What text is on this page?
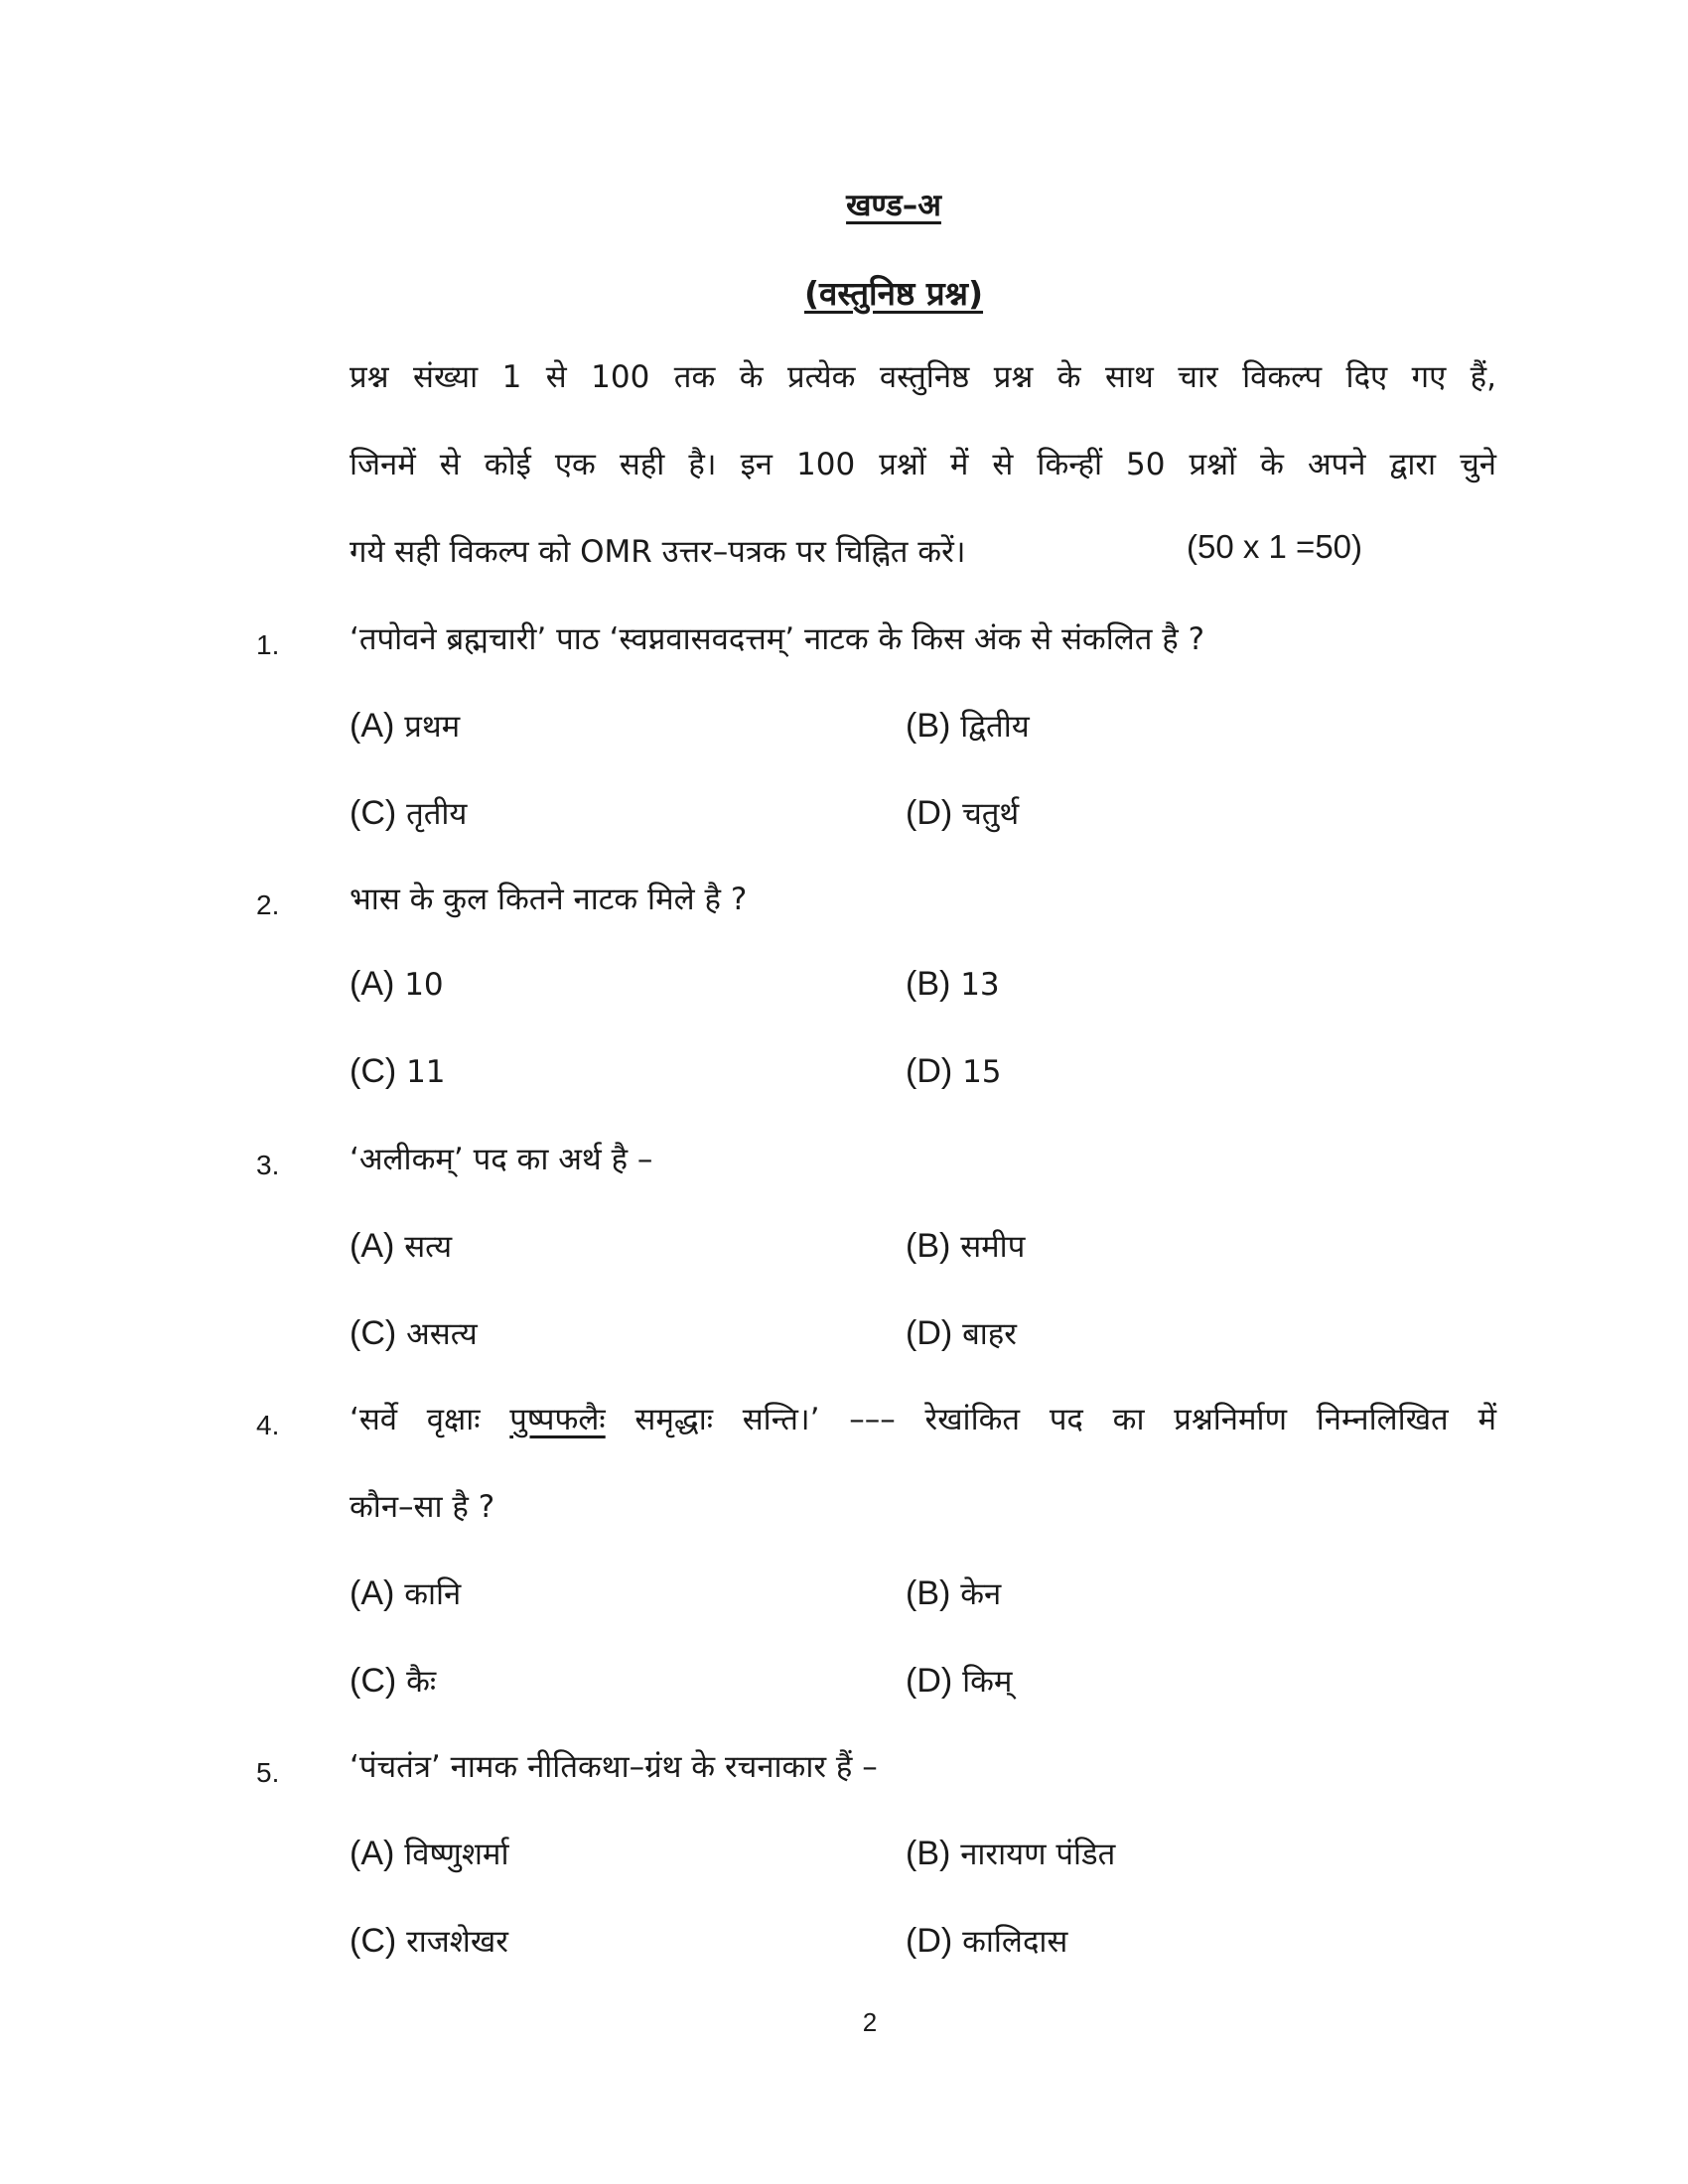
खण्ड–अ
(वस्तुनिष्ठ प्रश्न)
प्रश्न संख्या 1 से 100 तक के प्रत्येक वस्तुनिष्ठ प्रश्न के साथ चार विकल्प दिए गए हैं,
जिनमें से कोई एक सही है। इन 100 प्रश्नों में से किन्हीं 50 प्रश्नों के अपने द्वारा चुने
गये सही विकल्प को OMR उत्तर–पत्रक पर चिह्नित करें।	(50 x 1 =50)
1. ‘तपोवने ब्रह्मचारी’ पाठ ‘स्वप्नवासवदत्तम्’ नाटक के किस अंक से संकलित है ?
(A) प्रथम	(B) द्वितीय
(C) तृतीय	(D) चतुर्थ
2. भास के कुल कितने नाटक मिले है ?
(A) 10	(B) 13
(C) 11	(D) 15
3. ‘अलीकम्’ पद का अर्थ है –
(A) सत्य	(B) समीप
(C) असत्य	(D) बाहर
4. ‘सर्वे वृक्षाः पुष्पफलैः समृद्धाः सन्ति।’ ––– रेखांकित पद का प्रश्ननिर्माण निम्नलिखित में
कौन–सा है ?
(A) कानि	(B) केन
(C) कैः	(D) किम्
5. ‘पंचतंत्र’ नामक नीतिकथा–ग्रंथ के रचनाकार हैं –
(A) विष्णुशर्मा	(B) नारायण पंडित
(C) राजशेखर	(D) कालिदास
2
